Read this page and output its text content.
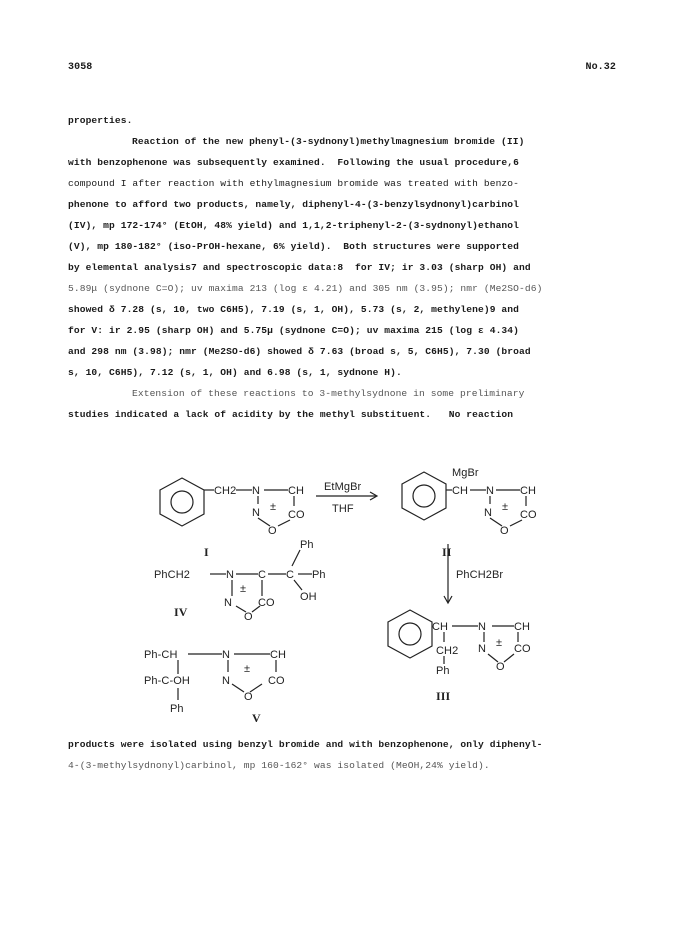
3058	No.32
properties.
Reaction of the new phenyl-(3-sydnonyl)methylmagnesium bromide (II)
with benzophenone was subsequently examined.  Following the usual procedure,6
compound I after reaction with ethylmagnesium bromide was treated with benzo-
phenone to afford two products, namely, diphenyl-4-(3-benzylsydnonyl)carbinol
(IV), mp 172-174° (EtOH, 48% yield) and 1,1,2-triphenyl-2-(3-sydnonyl)ethanol
(V), mp 180-182° (iso-PrOH-hexane, 6% yield).  Both structures were supported
by elemental analysis7 and spectroscopic data:8  for IV; ir 3.03 (sharp OH) and
5.89μ (sydnone C=O); uv maxima 213 (log ε 4.21) and 305 nm (3.95); nmr (Me2SO-d6)
showed δ 7.28 (s, 10, two C6H5), 7.19 (s, 1, OH), 5.73 (s, 2, methylene)9 and
for V: ir 2.95 (sharp OH) and 5.75μ (sydnone C=O); uv maxima 215 (log ε 4.34)
and 298 nm (3.98); nmr (Me2SO-d6) showed δ 7.63 (broad s, 5, C6H5), 7.30 (broad
s, 10, C6H5), 7.12 (s, 1, OH) and 6.98 (s, 1, sydnone H).
Extension of these reactions to 3-methylsydnone in some preliminary
studies indicated a lack of acidity by the methyl substituent.   No reaction
CH2 N	CH
N ±
CO
O
I
EtMgBr
THF
MgBr
CH N CH
N ±
CO
O
II
Ph
PhCH2	N C C Ph
OH
±
N CO
O
IV
PhCH2Br
CH	N	CH
±
CH2 N	CO
Ph	O
III
Ph-CH	N	CH
Ph-C-OH
±
N	CO
O
Ph
V
products were isolated using benzyl bromide and with benzophenone, only diphenyl-
4-(3-methylsydnonyl)carbinol, mp 160-162° was isolated (MeOH,24% yield).
